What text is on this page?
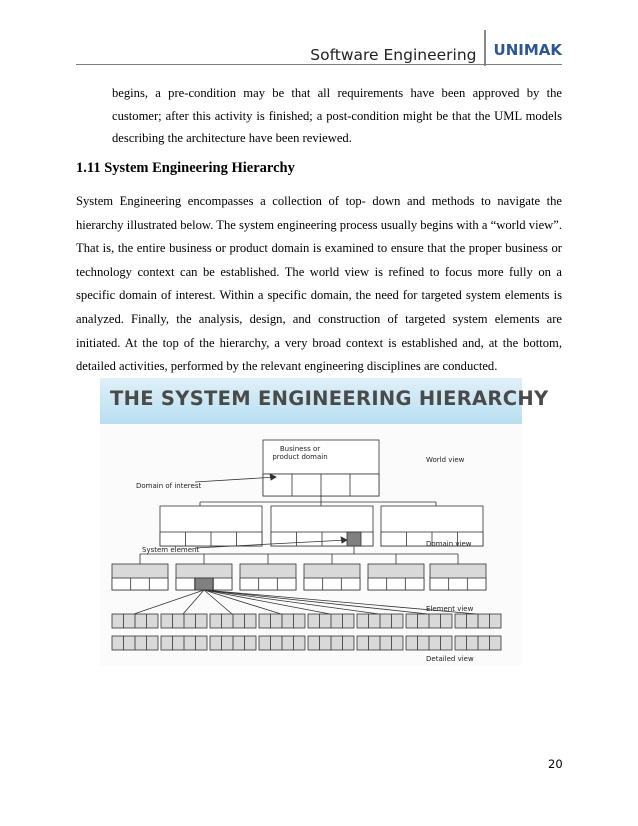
Software Engineering	UNIMAK

begins, a pre-condition may be that all requirements have been approved by the customer; after this activity is finished; a post-condition might be that the UML models describing the architecture have been reviewed.

1.11 System Engineering Hierarchy

System Engineering encompasses a collection of top- down and methods to navigate the hierarchy illustrated below. The system engineering process usually begins with a “world view”. That is, the entire business or product domain is examined to ensure that the proper business or technology context can be established. The world view is refined to focus more fully on a specific domain of interest. Within a specific domain, the need for targeted system elements is analyzed. Finally, the analysis, design, and construction of targeted system elements are initiated. At the top of the hierarchy, a very broad context is established and, at the bottom, detailed activities, performed by the relevant engineering disciplines are conducted.

THE SYSTEM ENGINEERING HIERARCHY
Business or
product domain	World view
Domain of interest
System element
Domain view
Element view
Detailed view
20
